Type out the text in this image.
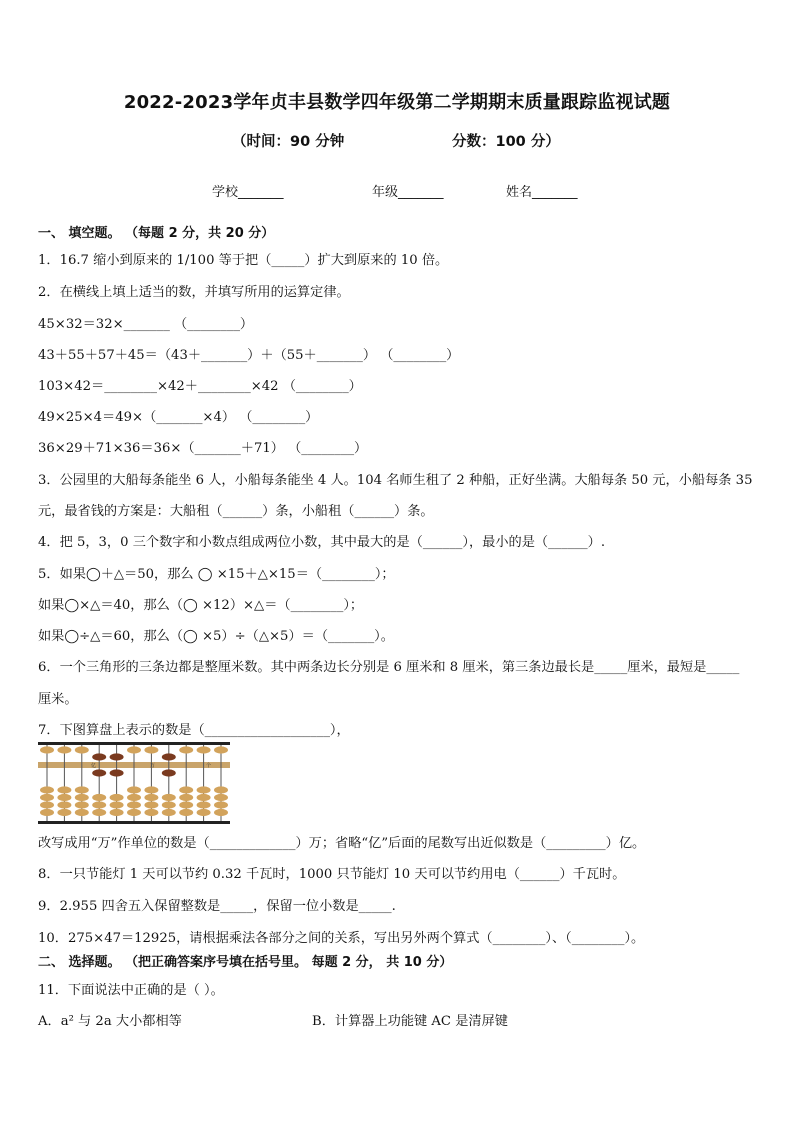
2022-2023学年贞丰县数学四年级第二学期期末质量跟踪监视试题
（时间：90 分钟	分数：100 分）
学校_______	年级_______	姓名_______
一、 填空题。 （每题 2 分，共 20 分）
1．16.7 缩小到原来的 1/100 等于把（_____）扩大到原来的 10 倍。
2．在横线上填上适当的数，并填写所用的运算定律。
45×32＝32×_______ （________）
43＋55＋57＋45＝（43＋_______）＋（55＋_______） （________）
103×42＝________×42＋________×42 （________）
49×25×4＝49×（_______×4） （________）
36×29＋71×36＝36×（_______＋71） （________）
3．公园里的大船每条能坐 6 人，小船每条能坐 4 人。104 名师生租了 2 种船，正好坐满。大船每条 50 元，小船每条 35
元，最省钱的方案是：大船租（______）条，小船租（______）条。
4．把 5，3，0 三个数字和小数点组成两位小数，其中最大的是（______），最小的是（______）.
5．如果◯＋△＝50，那么 ◯ ×15＋△×15＝（________）；
如果◯×△＝40，那么（◯ ×12）×△＝（________）；
如果◯÷△＝60，那么（◯ ×5）÷（△×5）＝（_______）。
6．一个三角形的三条边都是整厘米数。其中两条边长分别是 6 厘米和 8 厘米，第三条边最长是_____厘米，最短是_____
厘米。
7．下图算盘上表示的数是（___________________），
亿	万	个
改写成用“万”作单位的数是（_____________）万；省略“亿”后面的尾数写出近似数是（_________）亿。
8．一只节能灯 1 天可以节约 0.32 千瓦时，1000 只节能灯 10 天可以节约用电（______）千瓦时。
9．2.955 四舍五入保留整数是_____，保留一位小数是_____.
10．275×47＝12925，请根据乘法各部分之间的关系，写出另外两个算式（________）、（________）。
二、 选择题。 （把正确答案序号填在括号里。 每题 2 分， 共 10 分）
11．下面说法中正确的是（ ）。
A．a² 与 2a 大小都相等	B．计算器上功能键 AC 是清屏键
